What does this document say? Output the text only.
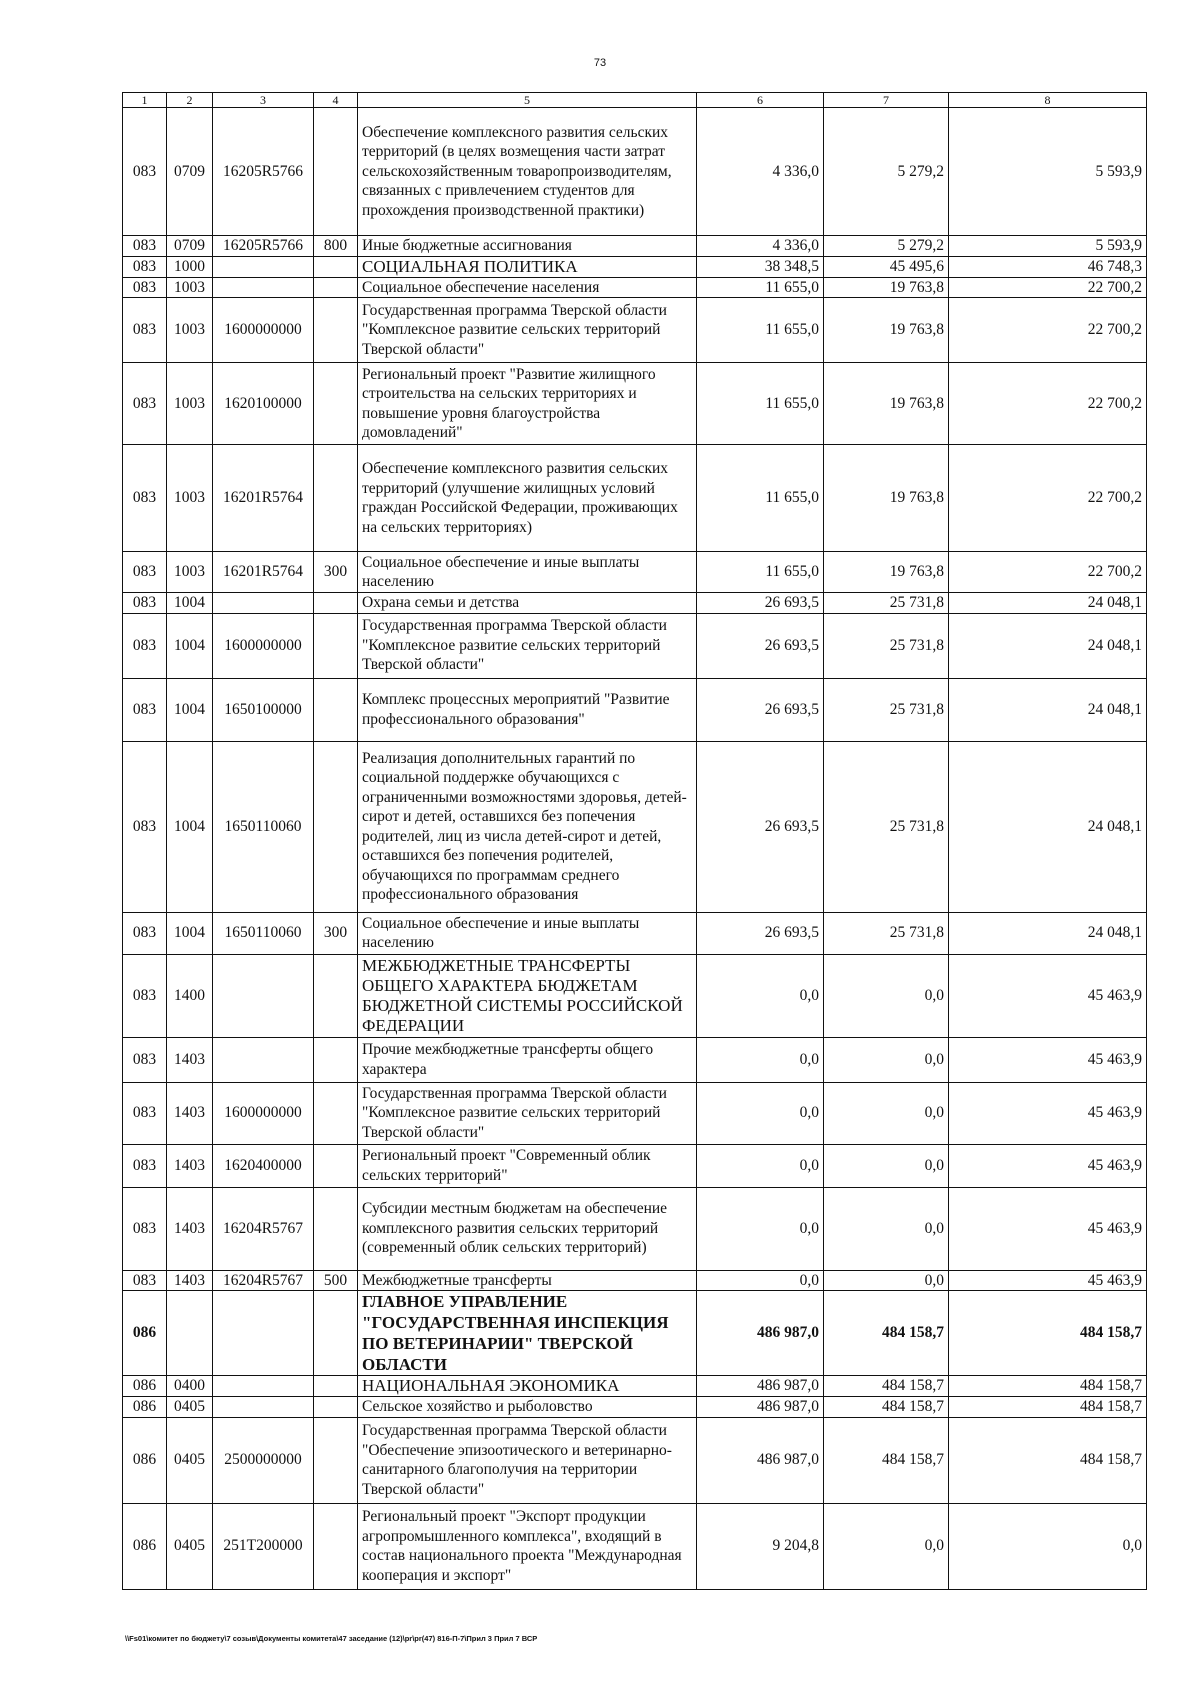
73
1	2	3	4	5	6	7	8
083	0709	16205R5766		Обеспечение комплексного развития сельских территорий (в целях возмещения части затрат сельскохозяйственным товаропроизводителям, связанных с привлечением студентов для прохождения производственной практики)	4 336,0	5 279,2	5 593,9
083	0709	16205R5766	800	Иные бюджетные ассигнования	4 336,0	5 279,2	5 593,9
083	1000			СОЦИАЛЬНАЯ ПОЛИТИКА	38 348,5	45 495,6	46 748,3
083	1003			Социальное обеспечение населения	11 655,0	19 763,8	22 700,2
083	1003	1600000000		Государственная программа Тверской области "Комплексное развитие сельских территорий Тверской области"	11 655,0	19 763,8	22 700,2
083	1003	1620100000		Региональный проект "Развитие жилищного строительства на сельских территориях и повышение уровня благоустройства домовладений"	11 655,0	19 763,8	22 700,2
083	1003	16201R5764		Обеспечение комплексного развития сельских территорий (улучшение жилищных условий граждан Российской Федерации, проживающих на сельских территориях)	11 655,0	19 763,8	22 700,2
083	1003	16201R5764	300	Социальное обеспечение и иные выплаты населению	11 655,0	19 763,8	22 700,2
083	1004			Охрана семьи и детства	26 693,5	25 731,8	24 048,1
083	1004	1600000000		Государственная программа Тверской области "Комплексное развитие сельских территорий Тверской области"	26 693,5	25 731,8	24 048,1
083	1004	1650100000		Комплекс процессных мероприятий "Развитие профессионального образования"	26 693,5	25 731,8	24 048,1
083	1004	1650110060		Реализация дополнительных гарантий по социальной поддержке обучающихся с ограниченными возможностями здоровья, детей-сирот и детей, оставшихся без попечения родителей, лиц из числа детей-сирот и детей, оставшихся без попечения родителей, обучающихся по программам среднего профессионального образования	26 693,5	25 731,8	24 048,1
083	1004	1650110060	300	Социальное обеспечение и иные выплаты населению	26 693,5	25 731,8	24 048,1
083	1400			МЕЖБЮДЖЕТНЫЕ ТРАНСФЕРТЫ ОБЩЕГО ХАРАКТЕРА БЮДЖЕТАМ БЮДЖЕТНОЙ СИСТЕМЫ РОССИЙСКОЙ ФЕДЕРАЦИИ	0,0	0,0	45 463,9
083	1403			Прочие межбюджетные трансферты общего характера	0,0	0,0	45 463,9
083	1403	1600000000		Государственная программа Тверской области "Комплексное развитие сельских территорий Тверской области"	0,0	0,0	45 463,9
083	1403	1620400000		Региональный проект "Современный облик сельских территорий"	0,0	0,0	45 463,9
083	1403	16204R5767		Субсидии местным бюджетам на обеспечение комплексного развития сельских территорий (современный облик сельских территорий)	0,0	0,0	45 463,9
083	1403	16204R5767	500	Межбюджетные трансферты	0,0	0,0	45 463,9
086				ГЛАВНОЕ УПРАВЛЕНИЕ "ГОСУДАРСТВЕННАЯ ИНСПЕКЦИЯ ПО ВЕТЕРИНАРИИ" ТВЕРСКОЙ ОБЛАСТИ	486 987,0	484 158,7	484 158,7
086	0400			НАЦИОНАЛЬНАЯ ЭКОНОМИКА	486 987,0	484 158,7	484 158,7
086	0405			Сельское хозяйство и рыболовство	486 987,0	484 158,7	484 158,7
086	0405	2500000000		Государственная программа Тверской области "Обеспечение эпизоотического и ветеринарно-санитарного благополучия на территории Тверской области"	486 987,0	484 158,7	484 158,7
086	0405	251Т200000		Региональный проект "Экспорт продукции агропромышленного комплекса", входящий в состав национального проекта "Международная кооперация и экспорт"	9 204,8	0,0	0,0
\\Fs01\комитет по бюджету\7 созыв\Документы комитета\47 заседание (12)\pr\pr(47) 816-П-7\Прил 3 Прил 7 ВСР
